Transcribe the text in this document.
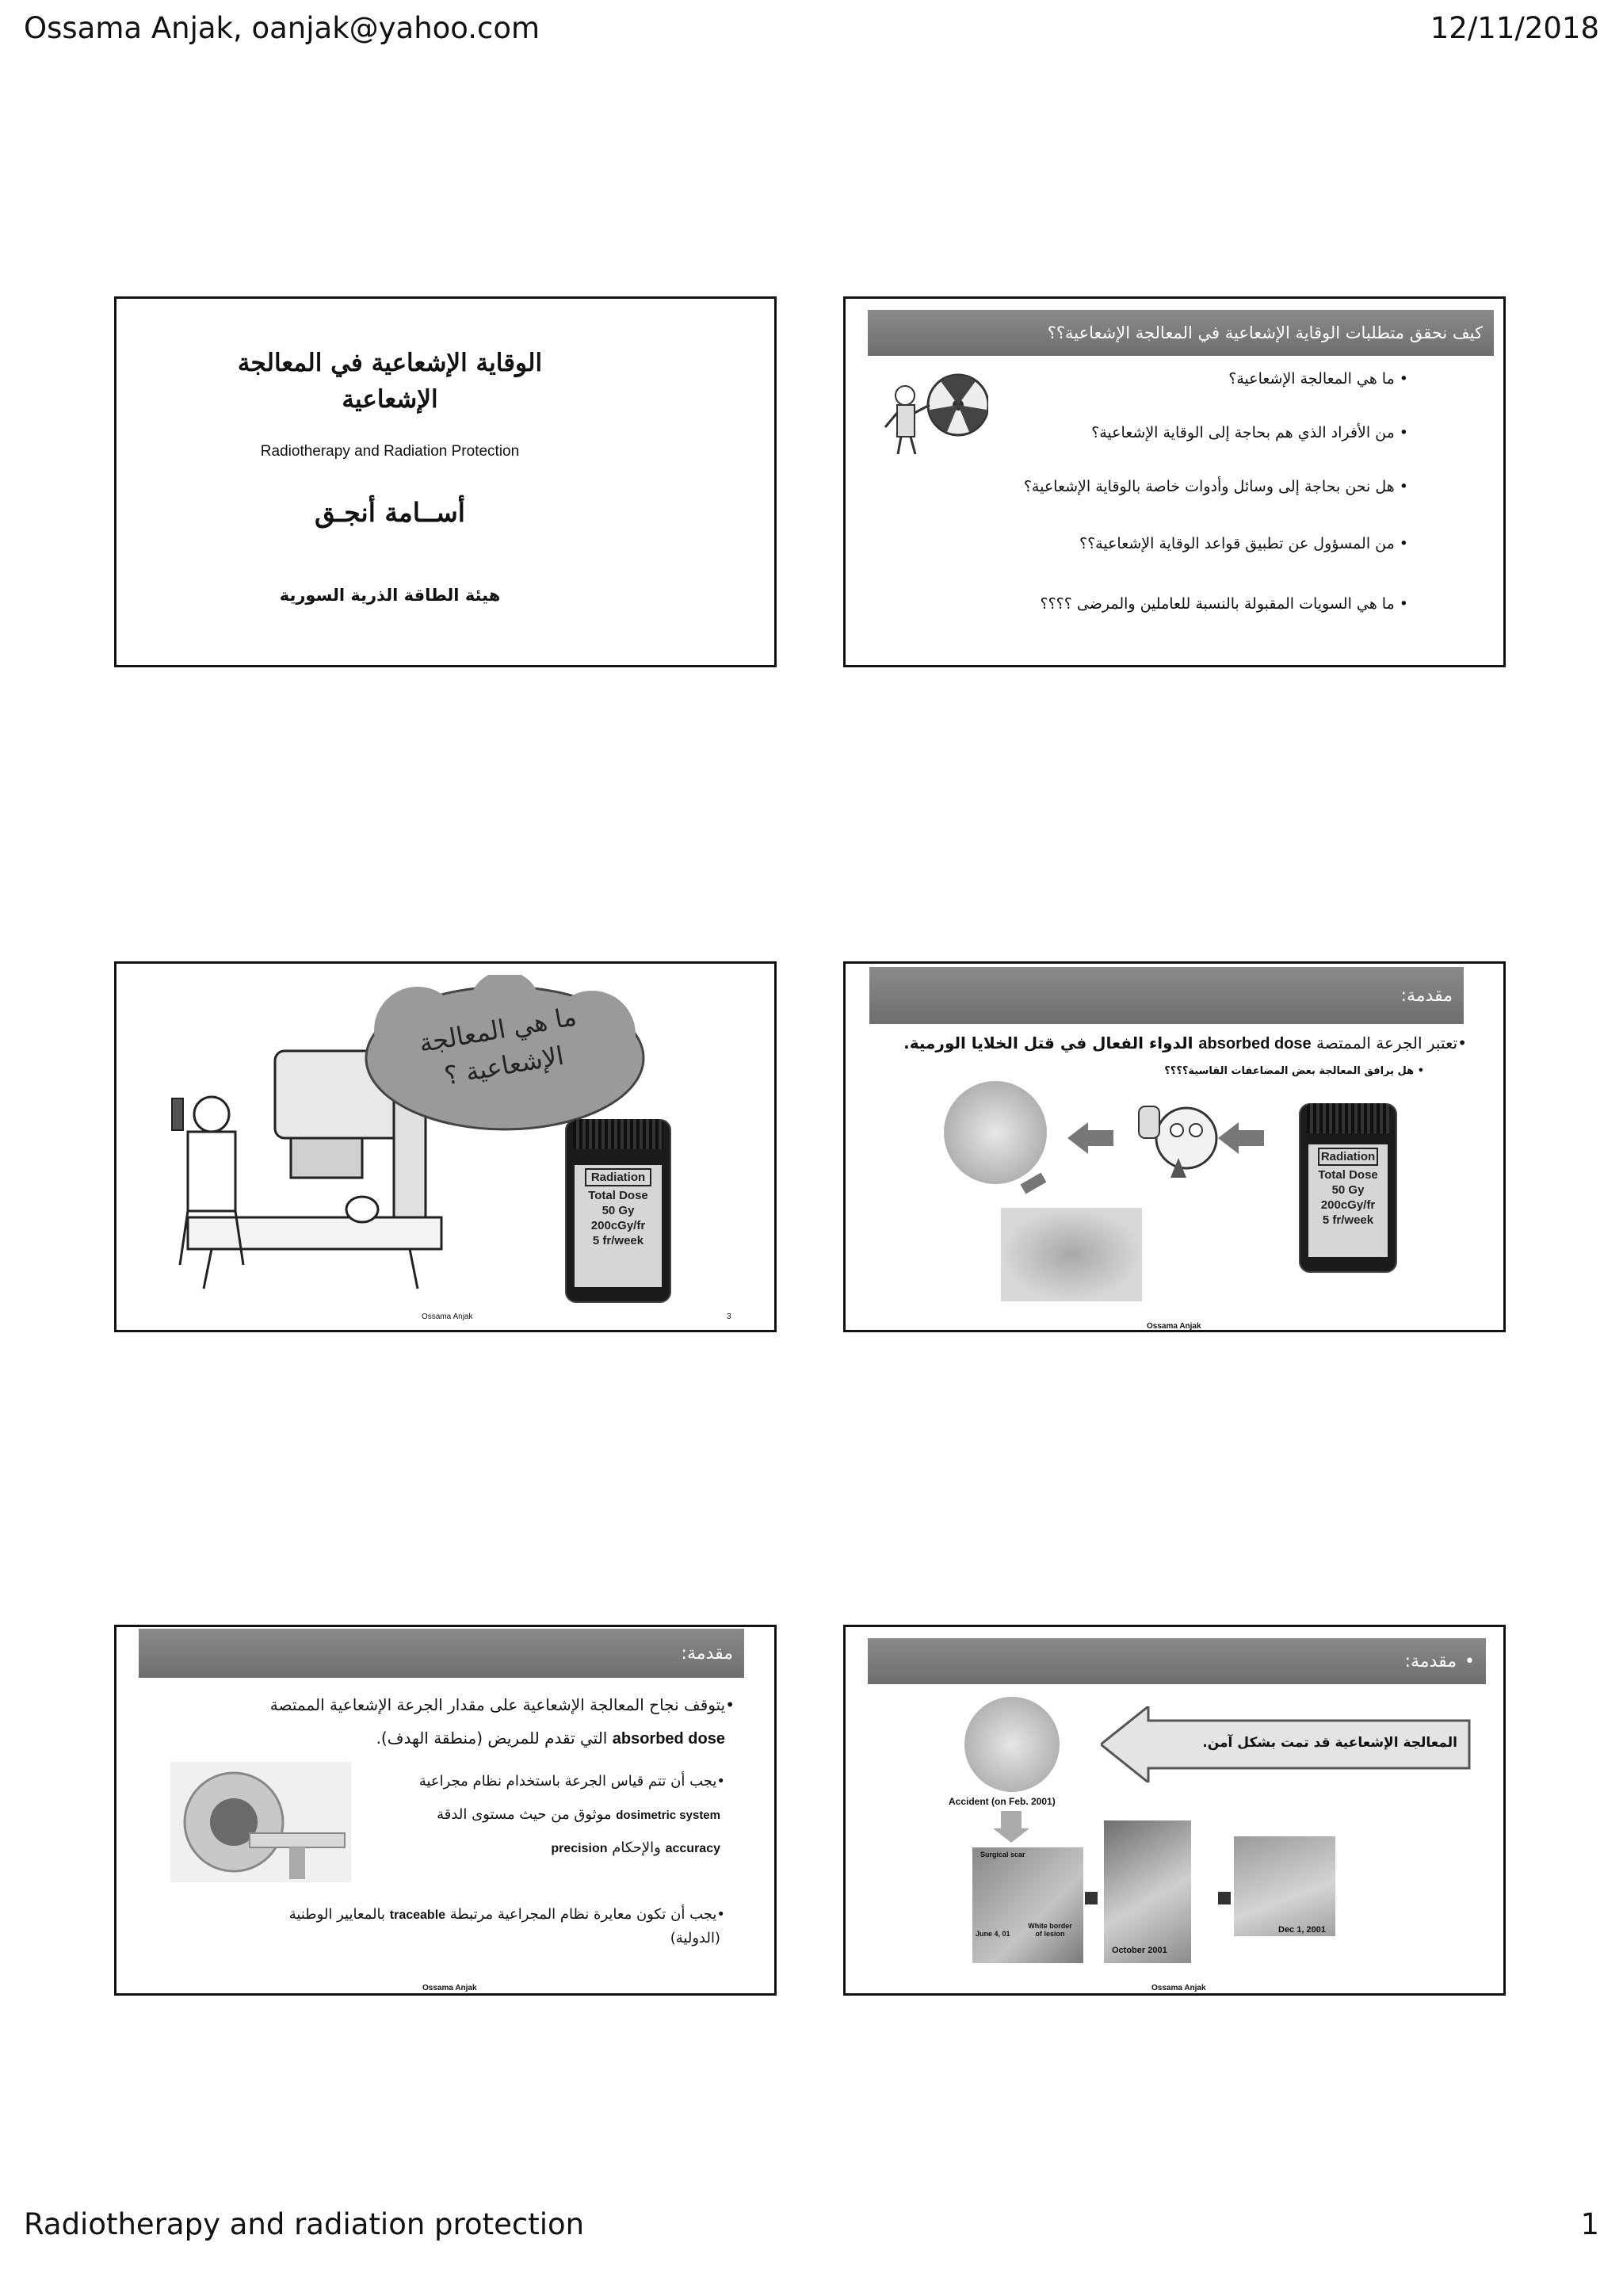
Ossama Anjak, oanjak@yahoo.com	12/11/2018
Radiotherapy and radiation protection	1
الوقاية الإشعاعية في المعالجة الإشعاعية
Radiotherapy and Radiation Protection
أســامة أنجـق
هيئة الطاقة الذرية السورية
كيف نحقق متطلبات الوقاية الإشعاعية في المعالجة الإشعاعية؟؟
• ما هي المعالجة الإشعاعية؟
• من الأفراد الذي هم بحاجة إلى الوقاية الإشعاعية؟
• هل نحن بحاجة إلى وسائل وأدوات خاصة بالوقاية الإشعاعية؟
• من المسؤول عن تطبيق قواعد الوقاية الإشعاعية؟؟
• ما هي السويات المقبولة بالنسبة للعاملين والمرضى ؟؟؟؟
ما هي المعالجة الإشعاعية ؟
Radiation
Total Dose
50 Gy
200cGy/fr
5 fr/week
Ossama Anjak	3
مقدمة:
•تعتبر الجرعة الممتصة absorbed dose الدواء الفعال في قتل الخلايا الورمية.
• هل يرافق المعالجة بعض المضاعفات القاسية؟؟؟؟
Radiation
Total Dose
50 Gy
200cGy/fr
5 fr/week
Ossama Anjak
مقدمة:
•يتوقف نجاح المعالجة الإشعاعية على مقدار الجرعة الإشعاعية الممتصة
absorbed dose التي تقدم للمريض (منطقة الهدف).
•يجب أن تتم قياس الجرعة باستخدام نظام مجراعية
dosimetric system موثوق من حيث مستوى الدقة
accuracy والإحكام precision
•يجب أن تكون معايرة نظام المجراعية مرتبطة traceable بالمعايير الوطنية
(الدولية)
Ossama Anjak
•
مقدمة:
المعالجة الإشعاعية قد تمت بشكل آمن.
Accident (on Feb. 2001)
Surgical scar
White border of lesion
June 4, 01
October 2001
Dec 1, 2001
Ossama Anjak
